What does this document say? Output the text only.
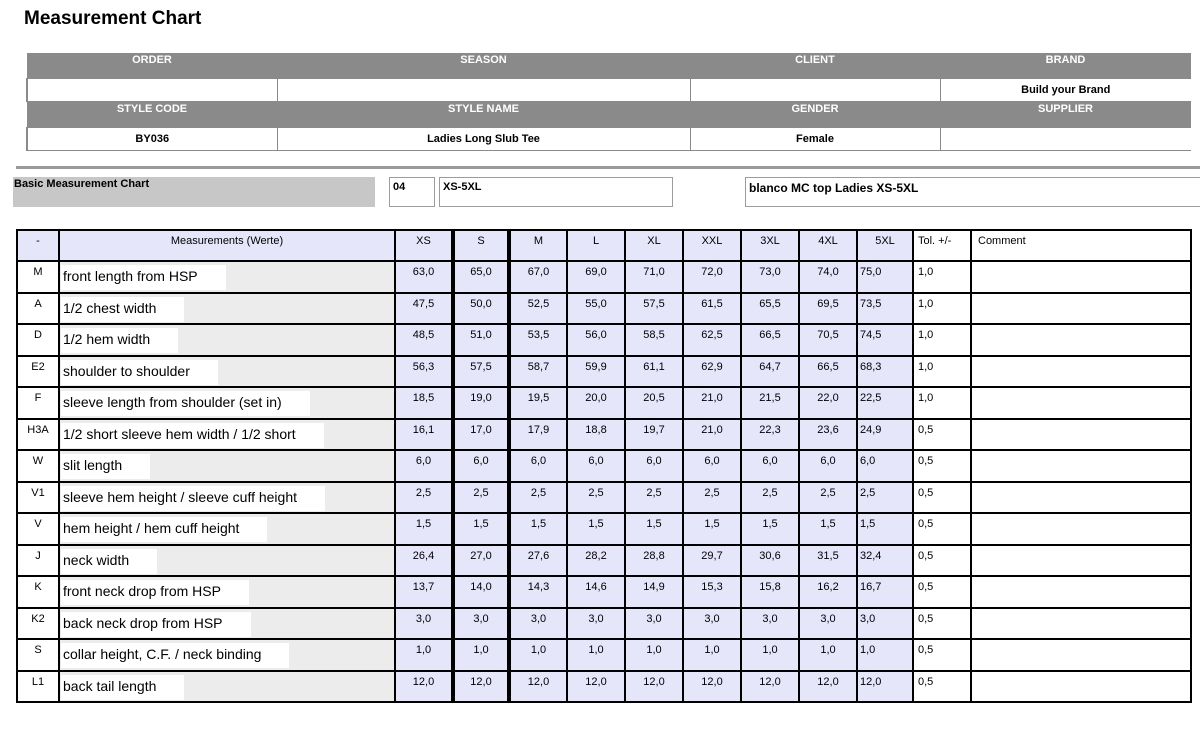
Measurement Chart
ORDER	SEASON	CLIENT	BRAND
			Build your Brand
STYLE CODE	STYLE NAME	GENDER	SUPPLIER
BY036	Ladies Long Slub Tee	Female	
Basic Measurement Chart	04	XS-5XL	blanco MC top Ladies XS-5XL
-	Measurements (Werte)	XS	S	M	L	XL	XXL	3XL	4XL	5XL	Tol. +/-	Comment
M	front length from HSP	63,0	65,0	67,0	69,0	71,0	72,0	73,0	74,0	75,0	1,0	
A	1/2 chest width	47,5	50,0	52,5	55,0	57,5	61,5	65,5	69,5	73,5	1,0	
D	1/2 hem width	48,5	51,0	53,5	56,0	58,5	62,5	66,5	70,5	74,5	1,0	
E2	shoulder to shoulder	56,3	57,5	58,7	59,9	61,1	62,9	64,7	66,5	68,3	1,0	
F	sleeve length from shoulder (set in)	18,5	19,0	19,5	20,0	20,5	21,0	21,5	22,0	22,5	1,0	
H3A	1/2 short sleeve hem width / 1/2 short	16,1	17,0	17,9	18,8	19,7	21,0	22,3	23,6	24,9	0,5	
W	slit length	6,0	6,0	6,0	6,0	6,0	6,0	6,0	6,0	6,0	0,5	
V1	sleeve hem height / sleeve cuff height	2,5	2,5	2,5	2,5	2,5	2,5	2,5	2,5	2,5	0,5	
V	hem height / hem cuff height	1,5	1,5	1,5	1,5	1,5	1,5	1,5	1,5	1,5	0,5	
J	neck width	26,4	27,0	27,6	28,2	28,8	29,7	30,6	31,5	32,4	0,5	
K	front neck drop from HSP	13,7	14,0	14,3	14,6	14,9	15,3	15,8	16,2	16,7	0,5	
K2	back neck drop from HSP	3,0	3,0	3,0	3,0	3,0	3,0	3,0	3,0	3,0	0,5	
S	collar height, C.F. / neck binding	1,0	1,0	1,0	1,0	1,0	1,0	1,0	1,0	1,0	0,5	
L1	back tail length	12,0	12,0	12,0	12,0	12,0	12,0	12,0	12,0	12,0	0,5	
